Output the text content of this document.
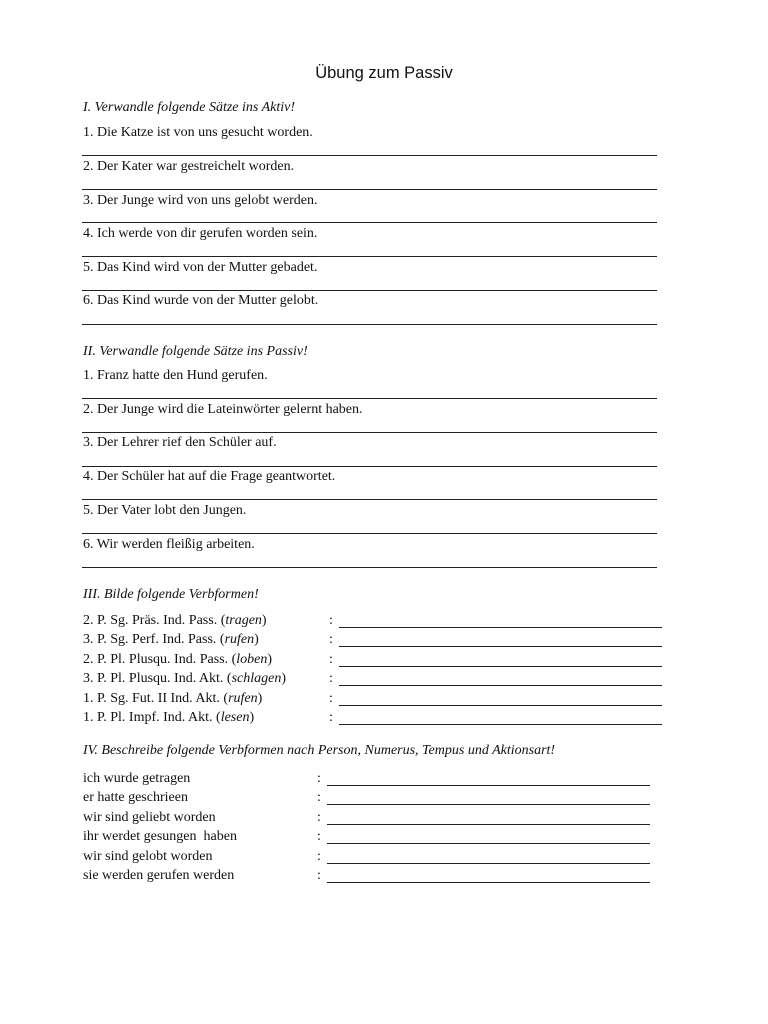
Übung zum Passiv
I. Verwandle folgende Sätze ins Aktiv!
1. Die Katze ist von uns gesucht worden.
2. Der Kater war gestreichelt worden.
3. Der Junge wird von uns gelobt werden.
4. Ich werde von dir gerufen worden sein.
5. Das Kind wird von der Mutter gebadet.
6. Das Kind wurde von der Mutter gelobt.
II. Verwandle folgende Sätze ins Passiv!
1. Franz hatte den Hund gerufen.
2. Der Junge wird die Lateinwörter gelernt haben.
3. Der Lehrer rief den Schüler auf.
4. Der Schüler hat auf die Frage geantwortet.
5. Der Vater lobt den Jungen.
6. Wir werden fleißig arbeiten.
III. Bilde folgende Verbformen!
2. P. Sg. Präs. Ind. Pass. (tragen)	:
3. P. Sg. Perf. Ind. Pass. (rufen)	:
2. P. Pl. Plusqu. Ind. Pass. (loben)	:
3. P. Pl. Plusqu. Ind. Akt. (schlagen)	:
1. P. Sg. Fut. II Ind. Akt. (rufen)	:
1. P. Pl. Impf. Ind. Akt. (lesen)	:
IV. Beschreibe folgende Verbformen nach Person, Numerus, Tempus und Aktionsart!
ich wurde getragen	:
er hatte geschrieen	:
wir sind geliebt worden	:
ihr werdet gesungen  haben	:
wir sind gelobt worden	:
sie werden gerufen werden	:
